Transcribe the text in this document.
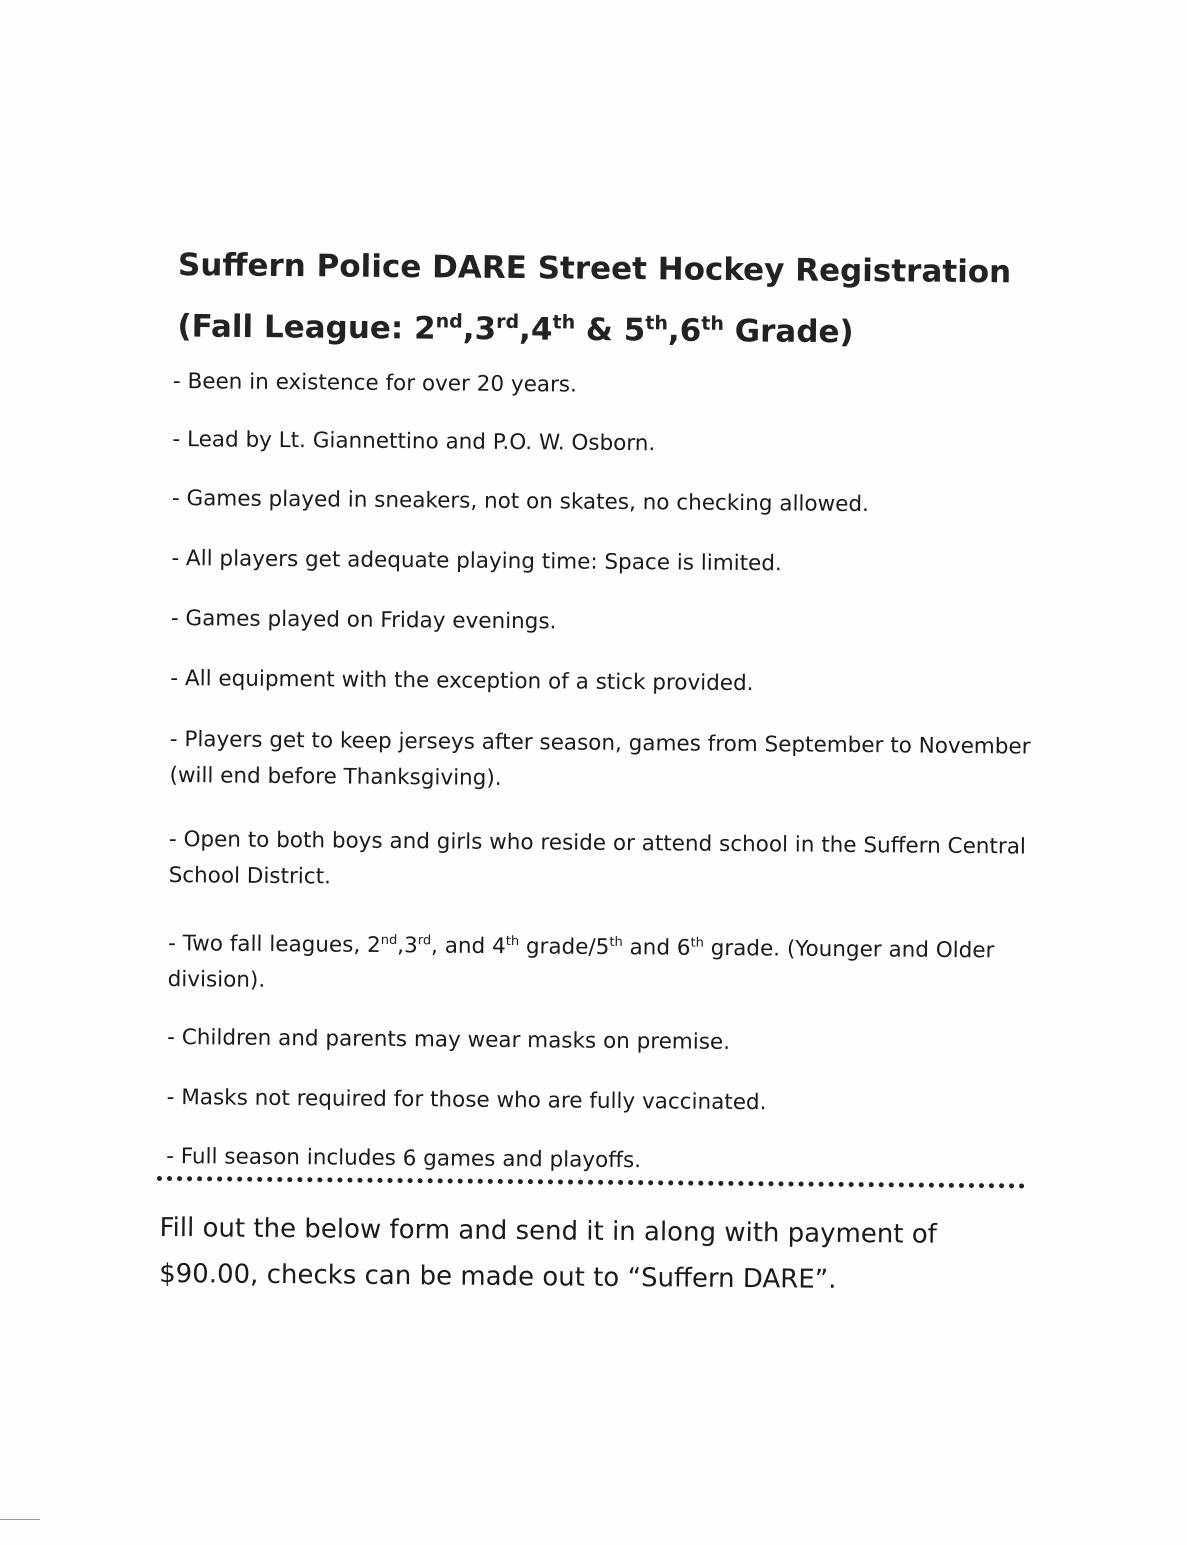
Suffern Police DARE Street Hockey Registration
(Fall League: 2nd,3rd,4th & 5th,6th Grade)
- Been in existence for over 20 years.
- Lead by Lt. Giannettino and P.O. W. Osborn.
- Games played in sneakers, not on skates, no checking allowed.
- All players get adequate playing time: Space is limited.
- Games played on Friday evenings.
- All equipment with the exception of a stick provided.
- Players get to keep jerseys after season, games from September to November (will end before Thanksgiving).
- Open to both boys and girls who reside or attend school in the Suffern Central School District.
- Two fall leagues, 2nd,3rd, and 4th grade/5th and 6th grade. (Younger and Older division).
- Children and parents may wear masks on premise.
- Masks not required for those who are fully vaccinated.
- Full season includes 6 games and playoffs.
Fill out the below form and send it in along with payment of $90.00, checks can be made out to “Suffern DARE”.
